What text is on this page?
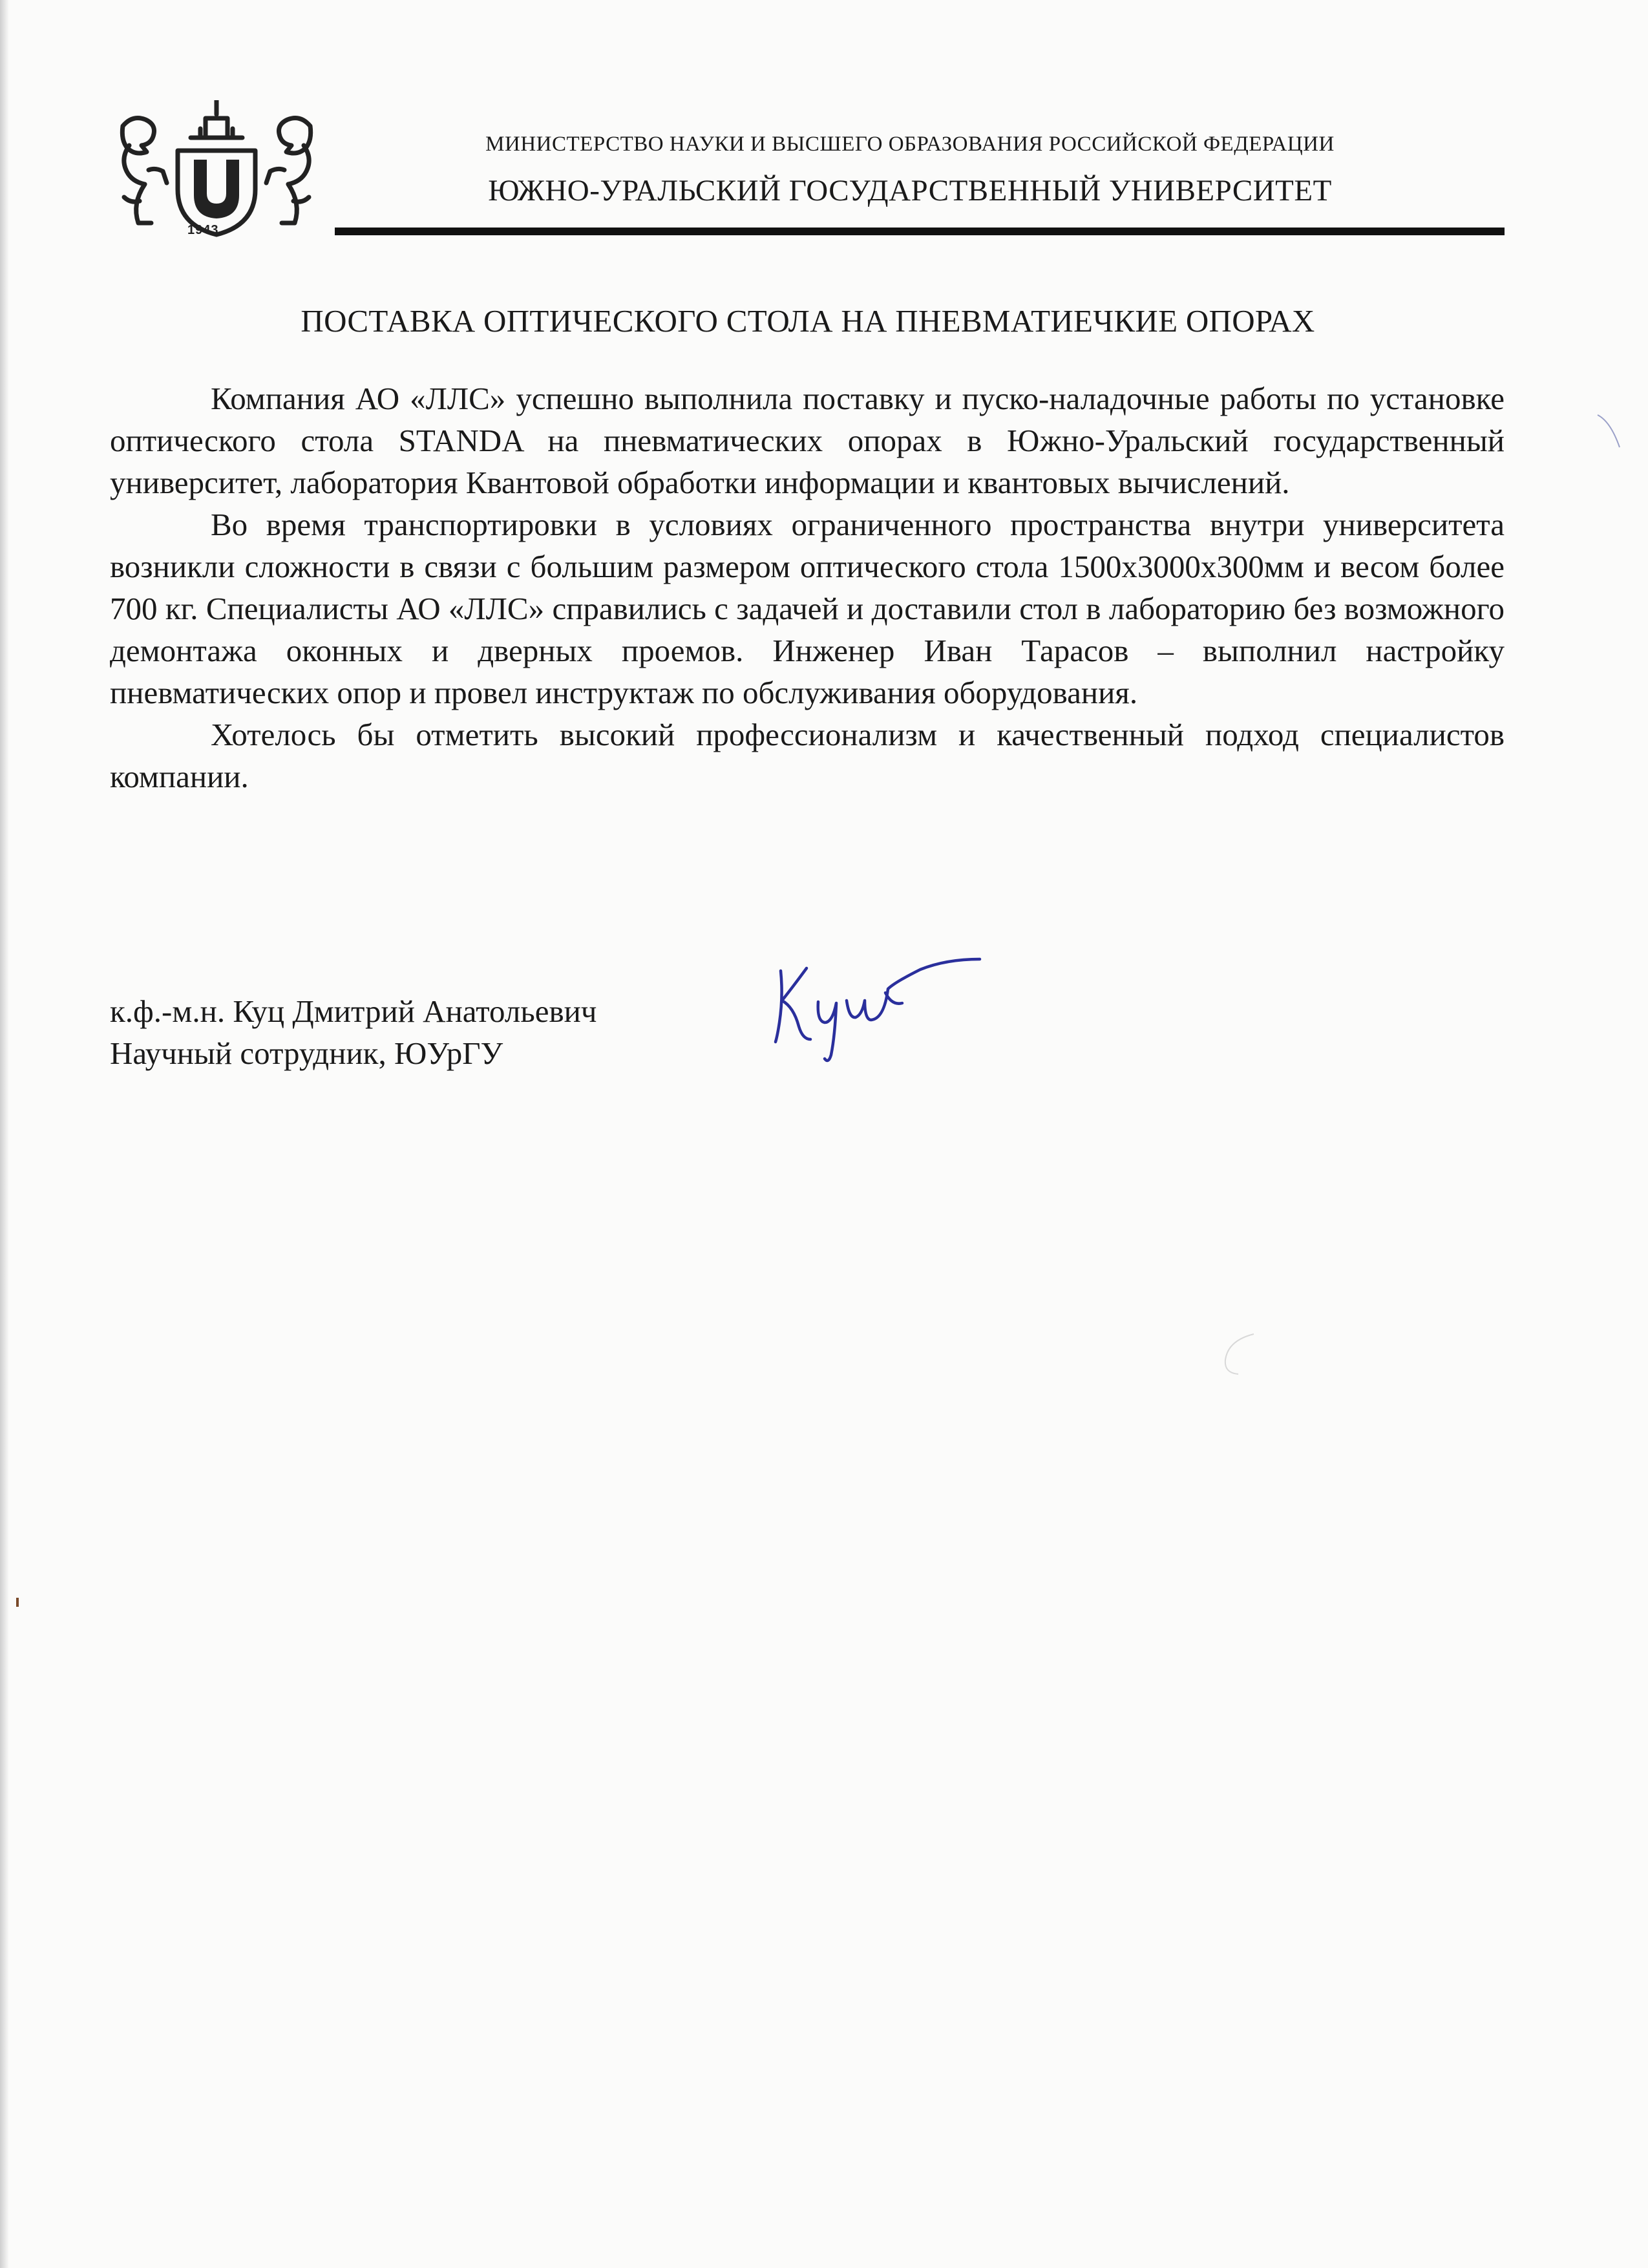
1943
МИНИСТЕРСТВО НАУКИ И ВЫСШЕГО ОБРАЗОВАНИЯ РОССИЙСКОЙ ФЕДЕРАЦИИ
ЮЖНО-УРАЛЬСКИЙ ГОСУДАРСТВЕННЫЙ УНИВЕРСИТЕТ
ПОСТАВКА ОПТИЧЕСКОГО СТОЛА НА ПНЕВМАТИЕЧКИЕ ОПОРАХ

Компания АО «ЛЛС» успешно выполнила поставку и пуско-наладочные работы по установке оптического стола STANDA на пневматических опорах в Южно-Уральский государственный университет, лаборатория Квантовой обработки информации и квантовых вычислений.

Во время транспортировки в условиях ограниченного пространства внутри университета возникли сложности в связи с большим размером оптического стола 1500х3000х300мм и весом более 700 кг. Специалисты АО «ЛЛС» справились с задачей и доставили стол в лабораторию без возможного демонтажа оконных и дверных проемов. Инженер Иван Тарасов – выполнил настройку пневматических опор и провел инструктаж по обслуживания оборудования.

Хотелось бы отметить высокий профессионализм и качественный подход специалистов компании.

к.ф.-м.н. Куц Дмитрий Анатольевич
Научный сотрудник, ЮУрГУ
